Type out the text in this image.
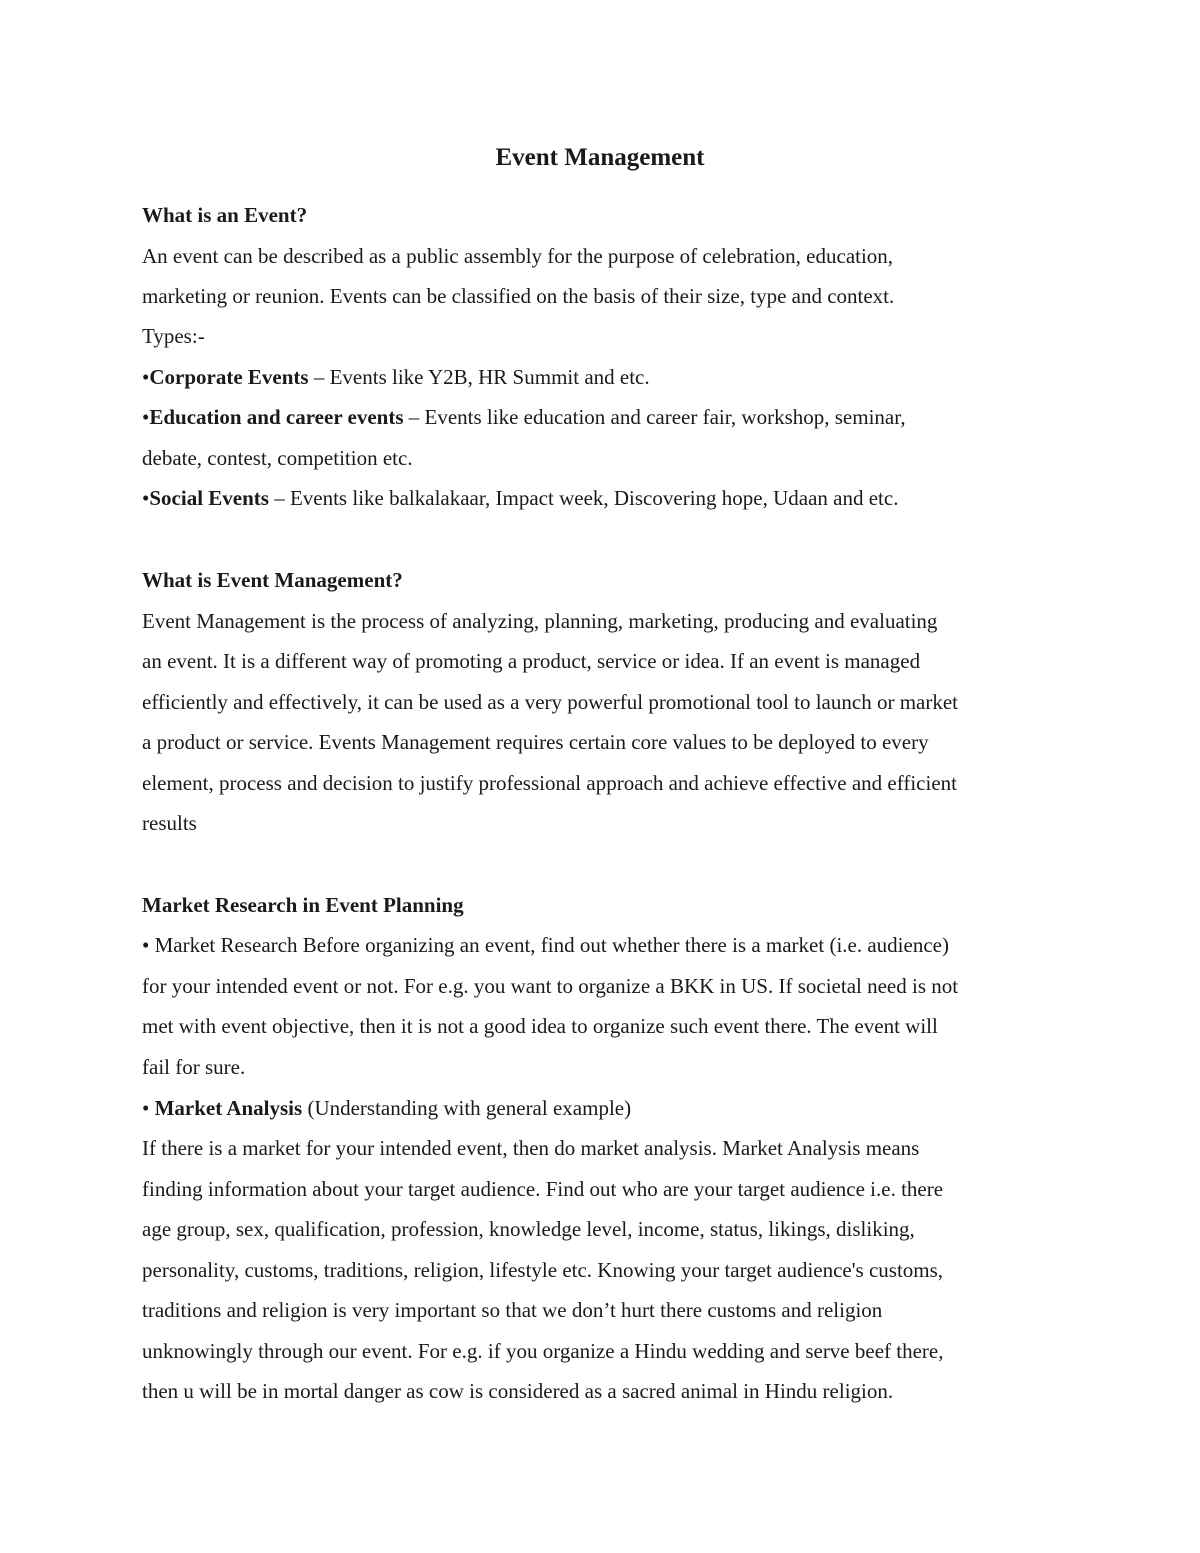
Event Management
What is an Event?
An event can be described as a public assembly for the purpose of celebration, education,
marketing or reunion. Events can be classified on the basis of their size, type and context.
Types:-
•Corporate Events – Events like Y2B, HR Summit and etc.
•Education and career events – Events like education and career fair, workshop, seminar,
debate, contest, competition etc.
•Social Events – Events like balkalakaar, Impact week, Discovering hope, Udaan and etc.
What is Event Management?
Event Management is the process of analyzing, planning, marketing, producing and evaluating
an event. It is a different way of promoting a product, service or idea. If an event is managed
efficiently and effectively, it can be used as a very powerful promotional tool to launch or market
a product or service. Events Management requires certain core values to be deployed to every
element, process and decision to justify professional approach and achieve effective and efficient
results
Market Research in Event Planning
• Market Research Before organizing an event, find out whether there is a market (i.e. audience)
for your intended event or not. For e.g. you want to organize a BKK in US. If societal need is not
met with event objective, then it is not a good idea to organize such event there. The event will
fail for sure.
• Market Analysis (Understanding with general example)
If there is a market for your intended event, then do market analysis. Market Analysis means
finding information about your target audience. Find out who are your target audience i.e. there
age group, sex, qualification, profession, knowledge level, income, status, likings, disliking,
personality, customs, traditions, religion, lifestyle etc. Knowing your target audience's customs,
traditions and religion is very important so that we don’t hurt there customs and religion
unknowingly through our event. For e.g. if you organize a Hindu wedding and serve beef there,
then u will be in mortal danger as cow is considered as a sacred animal in Hindu religion.
